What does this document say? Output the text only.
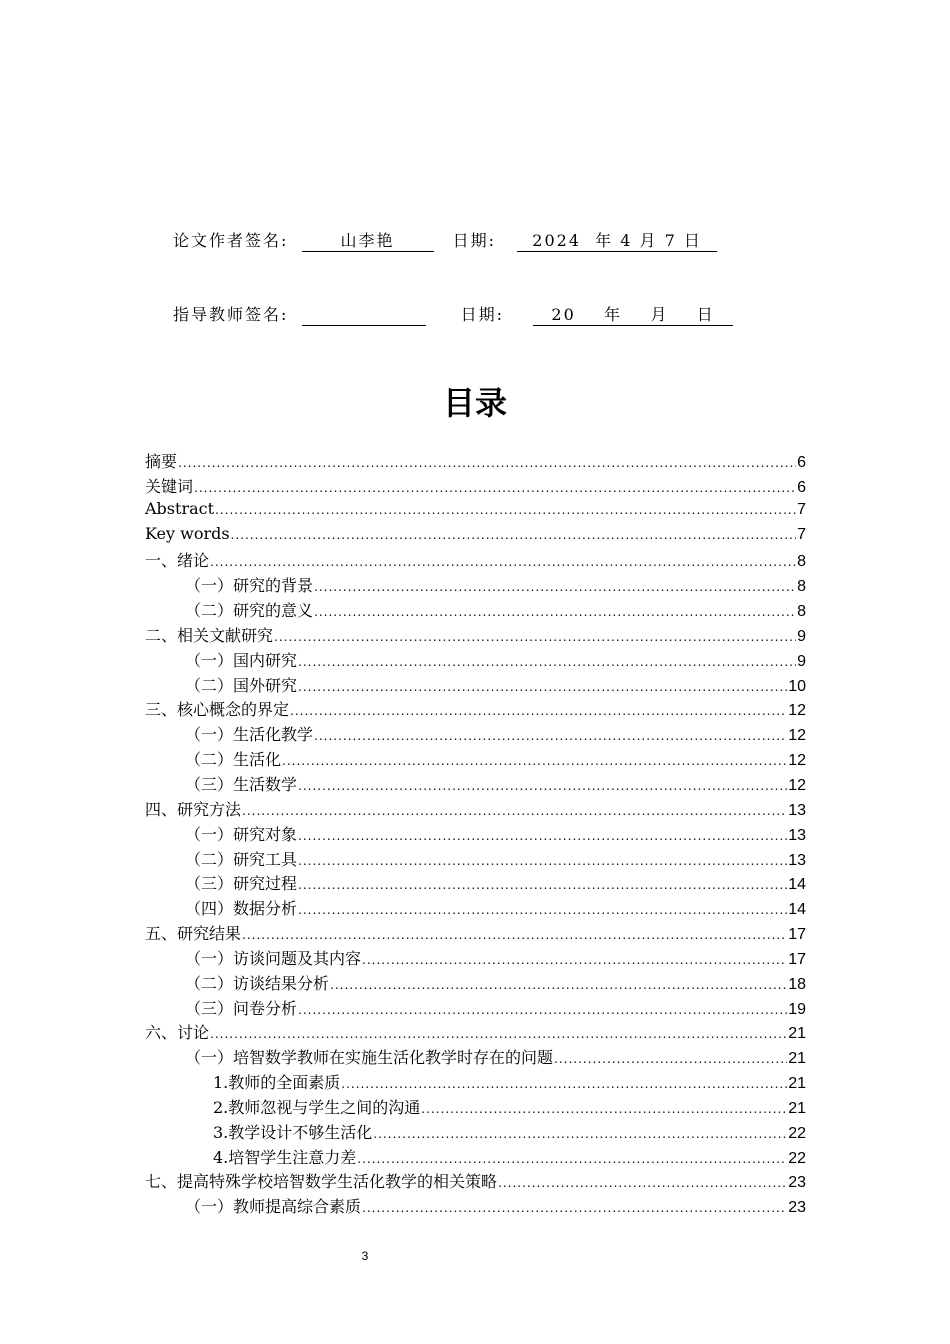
论文作者签名:	山李艳	日期: 2024  年 4 月 7 日
指导教师签名:	日期:	20    年    月    日
目录
摘要 .....	6
关键词 .....	6
Abstract .....	7
Key words .....	7
一、绪论 .....	8
（一）研究的背景 .....	8
（二）研究的意义 .....	8
二、相关文献研究 .....	9
（一）国内研究 .....	9
（二）国外研究 .....	10
三、核心概念的界定 .....	12
（一）生活化教学 .....	12
（二）生活化 .....	12
（三）生活数学 .....	12
四、研究方法 .....	13
（一）研究对象 .....	13
（二）研究工具 .....	13
（三）研究过程 .....	14
（四）数据分析 .....	14
五、研究结果 .....	17
（一）访谈问题及其内容 .....	17
（二）访谈结果分析 .....	18
（三）问卷分析 .....	19
六、讨论 .....	21
（一）培智数学教师在实施生活化教学时存在的问题 .....	21
1.教师的全面素质 .....	21
2.教师忽视与学生之间的沟通 .....	21
3.教学设计不够生活化 .....	22
4.培智学生注意力差 .....	22
七、提高特殊学校培智数学生活化教学的相关策略 .....	23
（一）教师提高综合素质 .....	23
3
